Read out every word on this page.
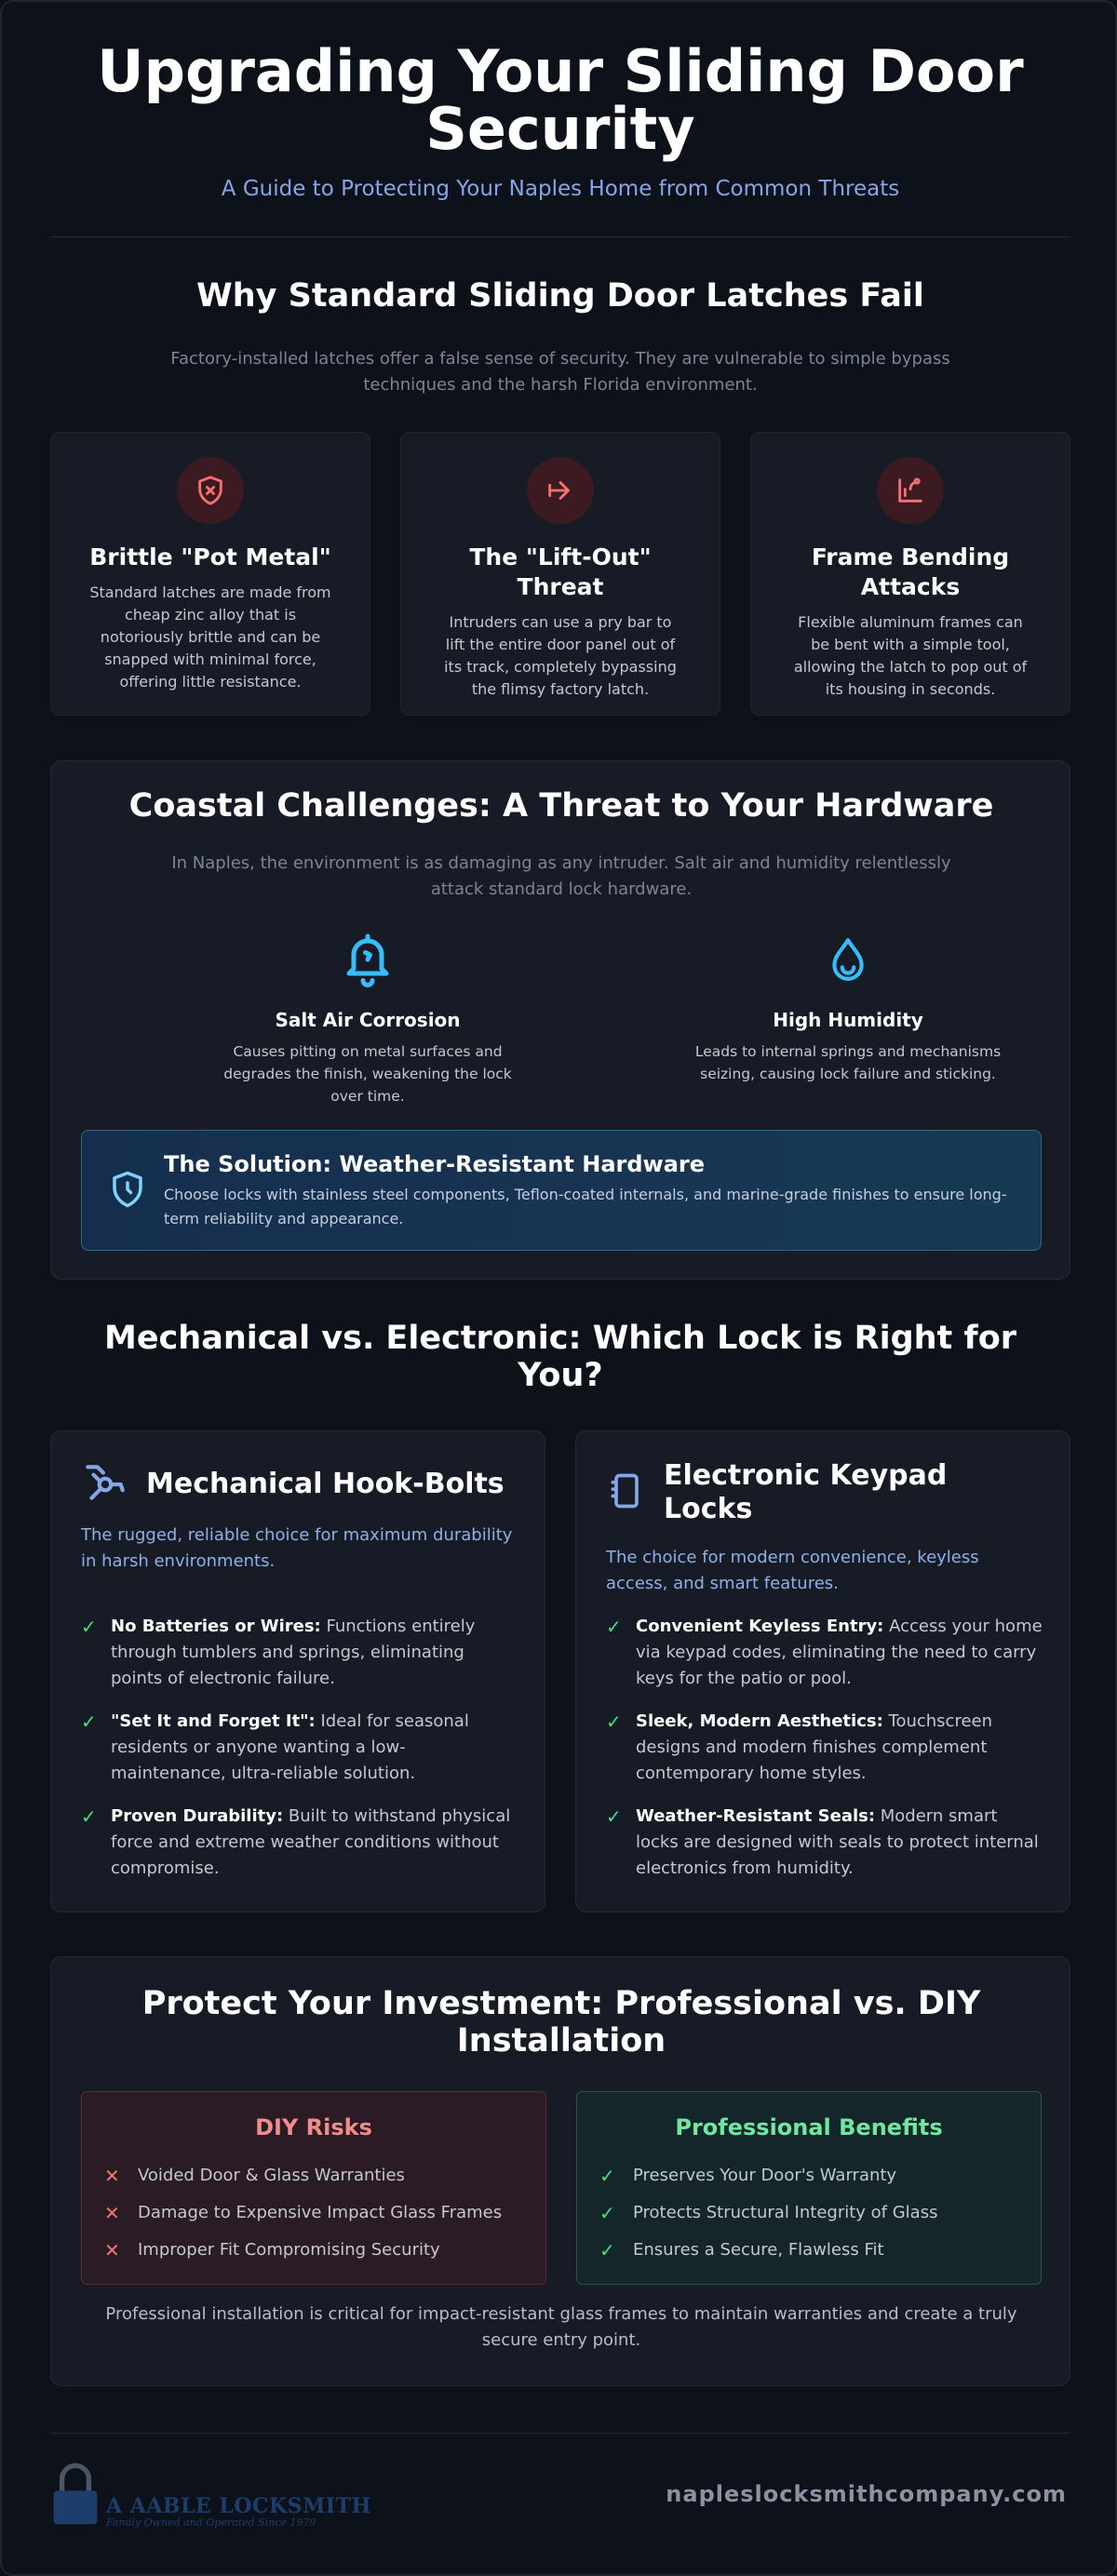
Upgrading Your Sliding Door Security
A Guide to Protecting Your Naples Home from Common Threats
Why Standard Sliding Door Latches Fail

Factory-installed latches offer a false sense of security. They are vulnerable to simple bypass techniques and the harsh Florida environment.

Brittle "Pot Metal"
Standard latches are made from cheap zinc alloy that is notoriously brittle and can be snapped with minimal force, offering little resistance.
The "Lift-Out" Threat
Intruders can use a pry bar to lift the entire door panel out of its track, completely bypassing the flimsy factory latch.
Frame Bending Attacks
Flexible aluminum frames can be bent with a simple tool, allowing the latch to pop out of its housing in seconds.
Coastal Challenges: A Threat to Your Hardware

In Naples, the environment is as damaging as any intruder. Salt air and humidity relentlessly attack standard lock hardware.

Salt Air Corrosion
Causes pitting on metal surfaces and degrades the finish, weakening the lock over time.
High Humidity
Leads to internal springs and mechanisms seizing, causing lock failure and sticking.
The Solution: Weather-Resistant Hardware
Choose locks with stainless steel components, Teflon-coated internals, and marine-grade finishes to ensure long-term reliability and appearance.
Mechanical vs. Electronic: Which Lock is Right for You?
Mechanical Hook-Bolts

The rugged, reliable choice for maximum durability in harsh environments.

✓ No Batteries or Wires: Functions entirely through tumblers and springs, eliminating points of electronic failure.
✓ "Set It and Forget It": Ideal for seasonal residents or anyone wanting a low-maintenance, ultra-reliable solution.
✓ Proven Durability: Built to withstand physical force and extreme weather conditions without compromise.
Electronic Keypad Locks

The choice for modern convenience, keyless access, and smart features.

✓ Convenient Keyless Entry: Access your home via keypad codes, eliminating the need to carry keys for the patio or pool.
✓ Sleek, Modern Aesthetics: Touchscreen designs and modern finishes complement contemporary home styles.
✓ Weather-Resistant Seals: Modern smart locks are designed with seals to protect internal electronics from humidity.
Protect Your Investment: Professional vs. DIY Installation
DIY Risks
✕	Voided Door & Glass Warranties
✕	Damage to Expensive Impact Glass Frames
✕	Improper Fit Compromising Security
Professional Benefits
✓	Preserves Your Door's Warranty
✓	Protects Structural Integrity of Glass
✓	Ensures a Secure, Flawless Fit

Professional installation is critical for impact-resistant glass frames to maintain warranties and create a truly secure entry point.

A AABLE LOCKSMITH
Family Owned and Operated Since 1979
napleslocksmithcompany.com
